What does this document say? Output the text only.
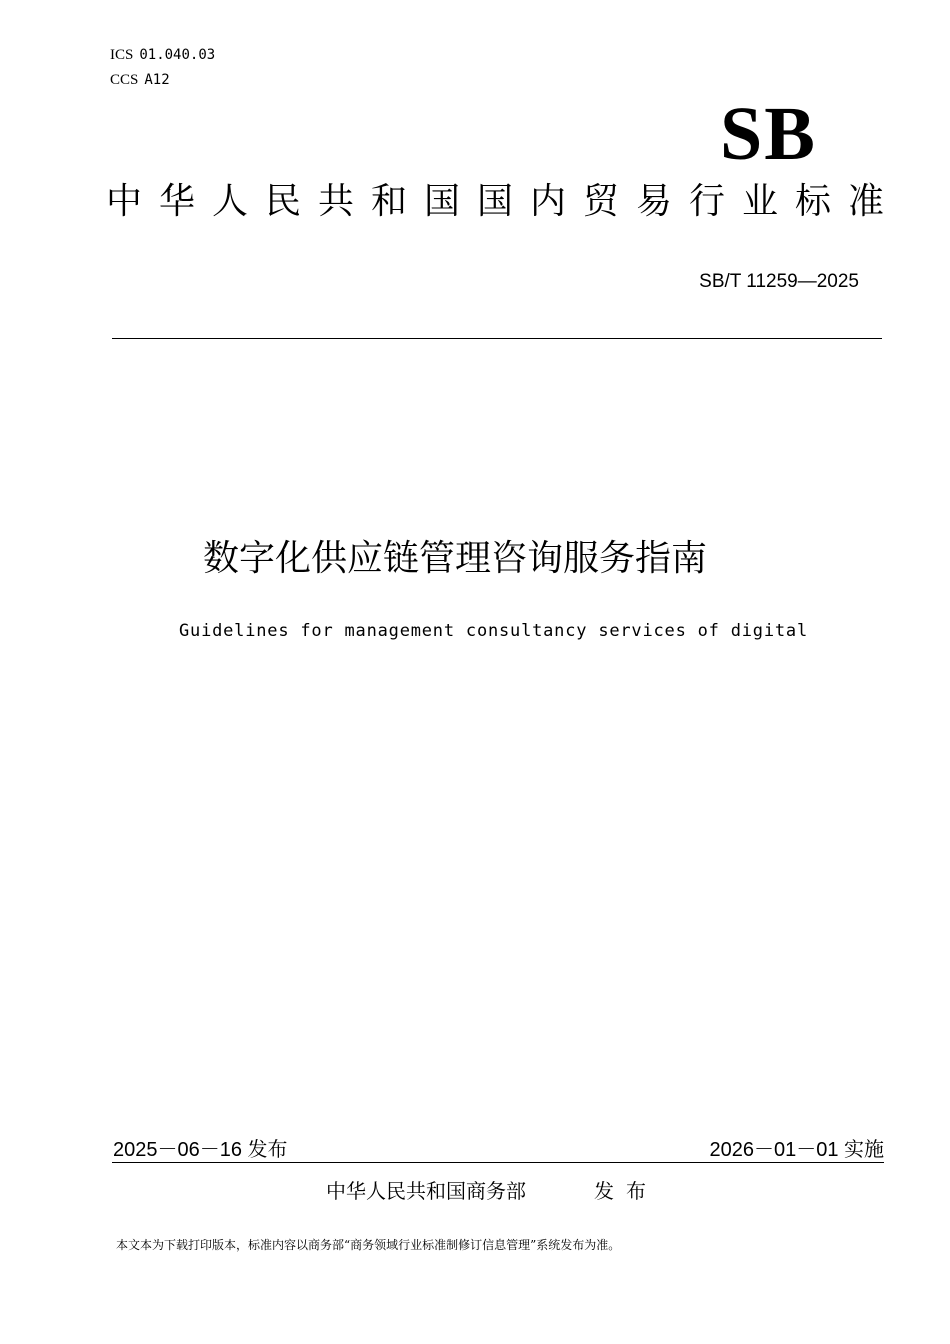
ICS 01.040.03
CCS A12
SB
中华人民共和国国内贸易行业标准
SB/T 11259—2025
数字化供应链管理咨询服务指南
Guidelines for management consultancy services of digital
2025－06－16 发布	2026－01－01 实施
中华人民共和国商务部	发布
本文本为下载打印版本，标准内容以商务部“商务领域行业标准制修订信息管理”系统发布为准。
